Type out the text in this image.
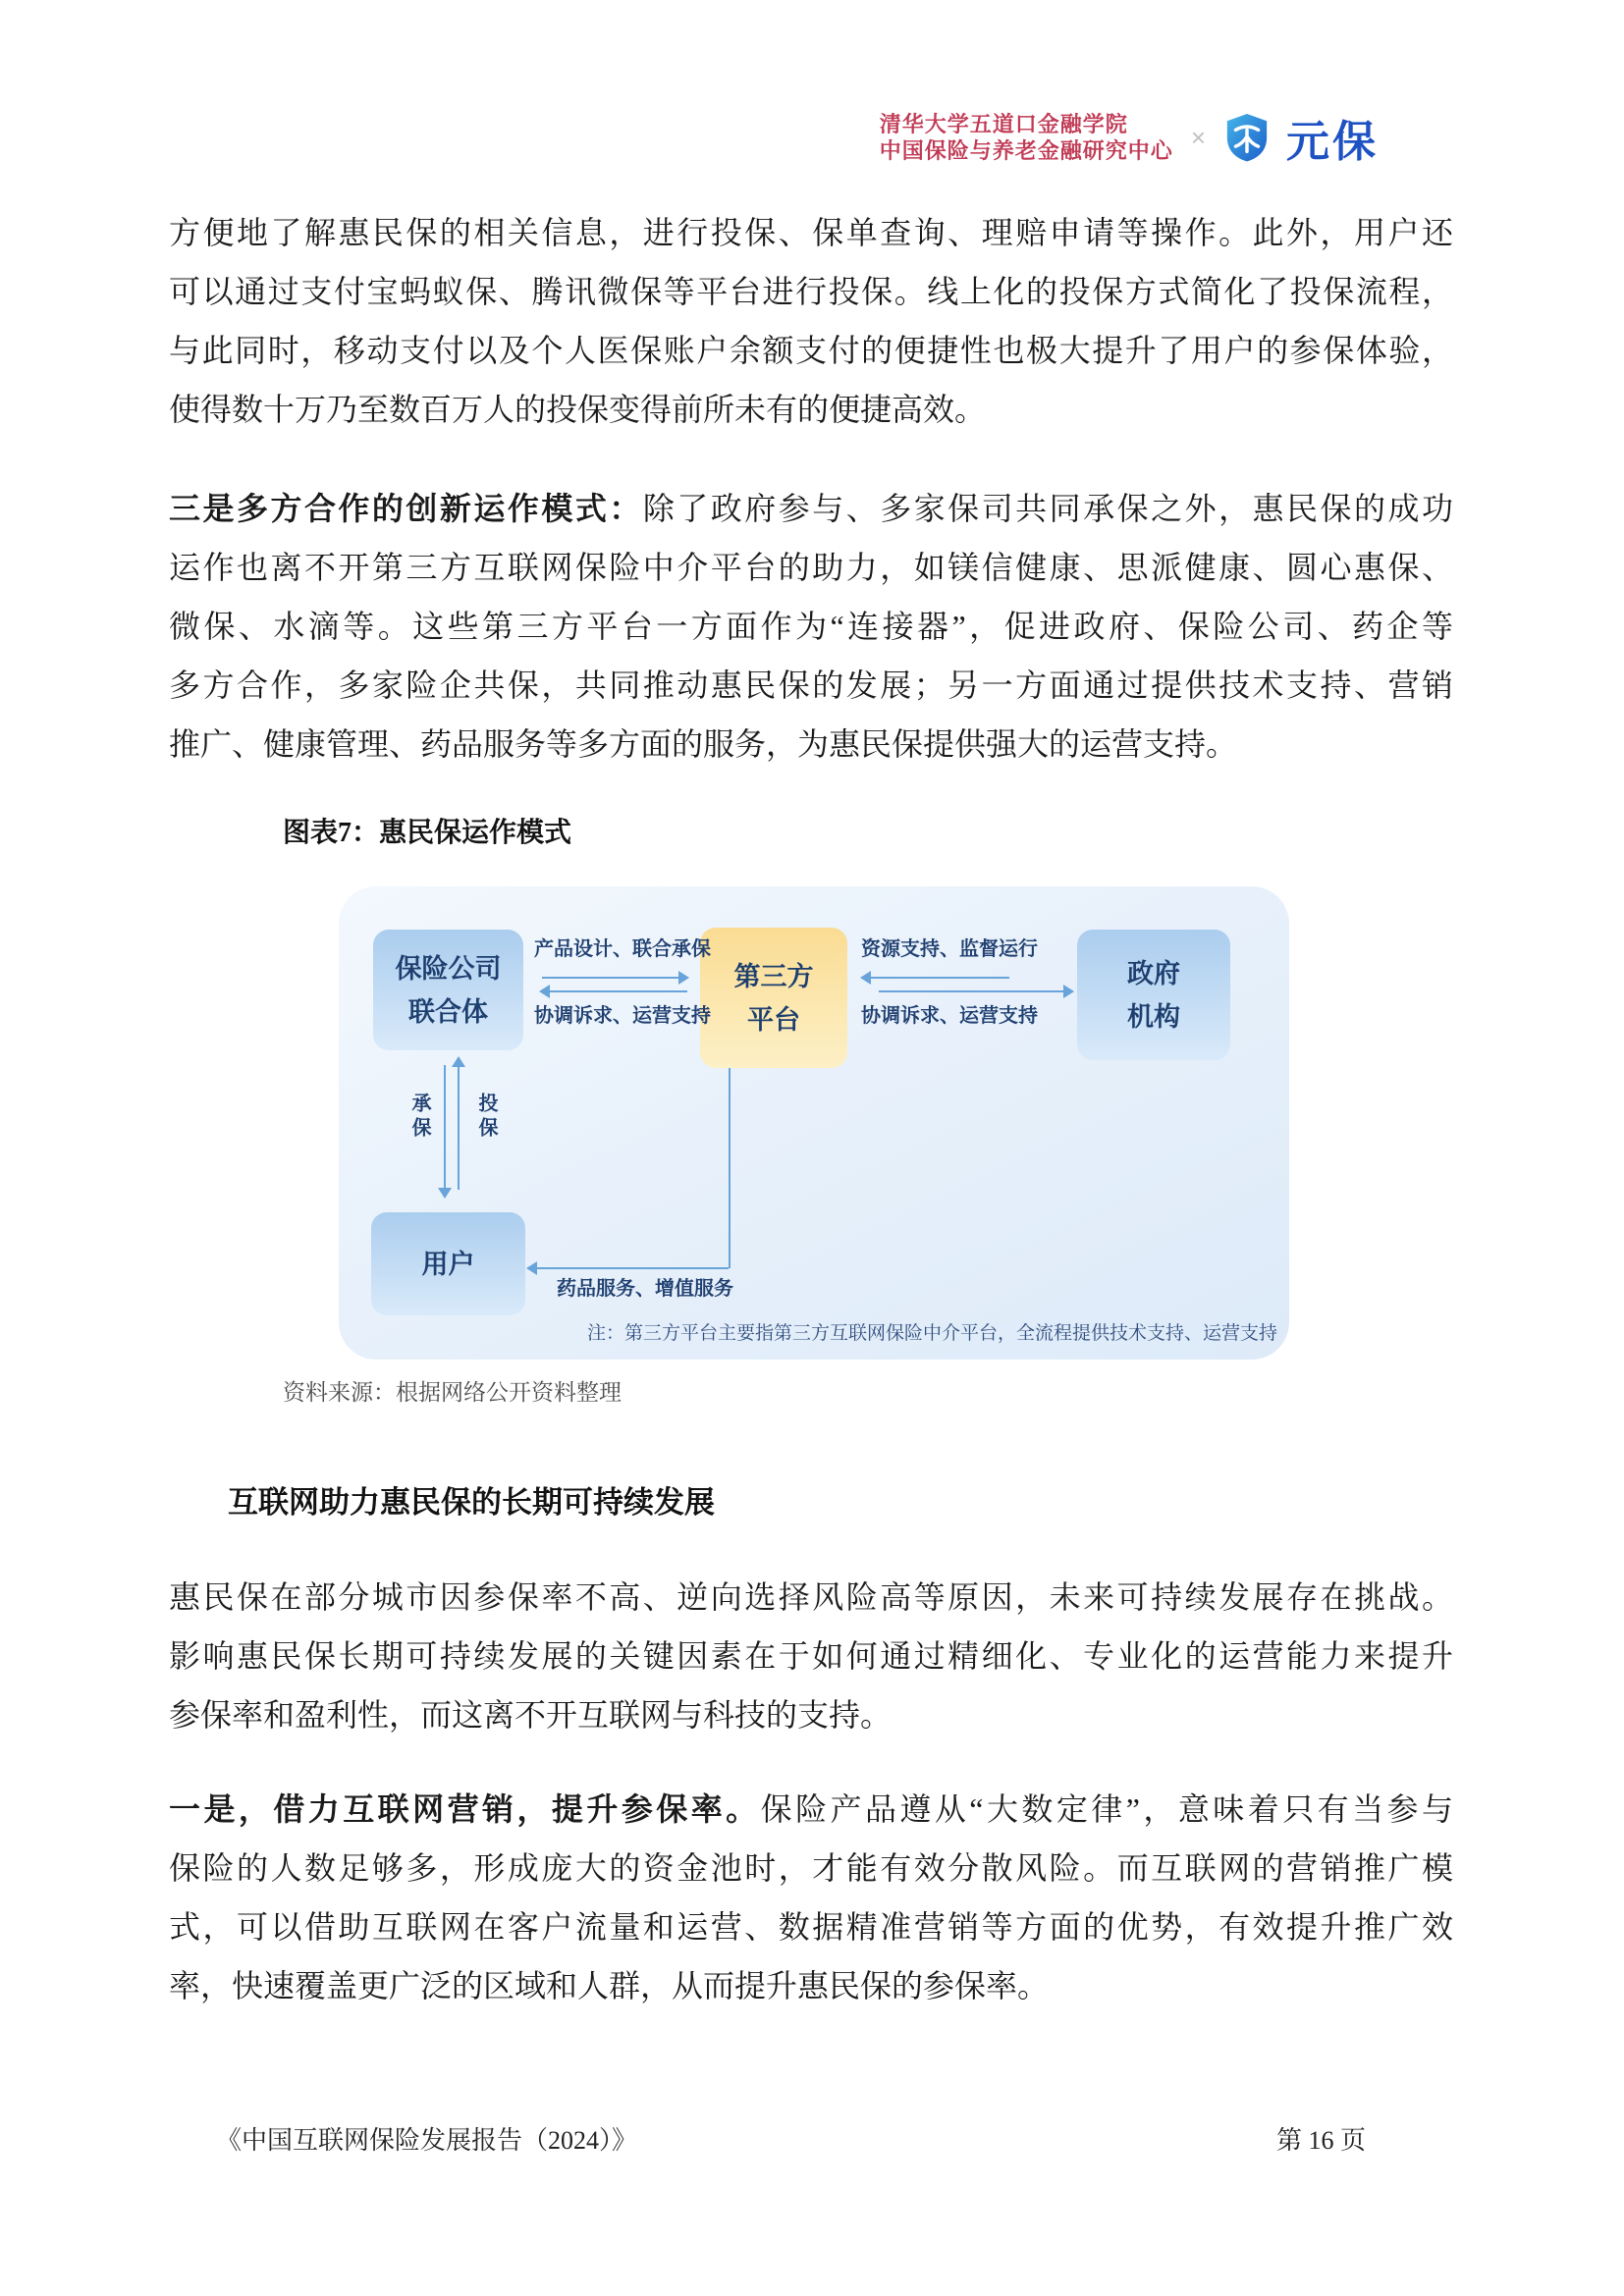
清华大学五道口金融学院
中国保险与养老金融研究中心 × 元保
方便地了解惠民保的相关信息，进行投保、保单查询、理赔申请等操作。此外，用户还
可以通过支付宝蚂蚁保、腾讯微保等平台进行投保。线上化的投保方式简化了投保流程，
与此同时，移动支付以及个人医保账户余额支付的便捷性也极大提升了用户的参保体验，
使得数十万乃至数百万人的投保变得前所未有的便捷高效。
三是多方合作的创新运作模式：除了政府参与、多家保司共同承保之外，惠民保的成功
运作也离不开第三方互联网保险中介平台的助力，如镁信健康、思派健康、圆心惠保、
微保、水滴等。这些第三方平台一方面作为“连接器”，促进政府、保险公司、药企等
多方合作，多家险企共保，共同推动惠民保的发展；另一方面通过提供技术支持、营销
推广、健康管理、药品服务等多方面的服务，为惠民保提供强大的运营支持。
图表7：惠民保运作模式
保险公司
联合体
第三方
平台
政府
机构
用户
产品设计、联合承保
协调诉求、运营支持
资源支持、监督运行
协调诉求、运营支持
承保 投保
药品服务、增值服务
注：第三方平台主要指第三方互联网保险中介平台，全流程提供技术支持、运营支持
资料来源：根据网络公开资料整理
互联网助力惠民保的长期可持续发展
惠民保在部分城市因参保率不高、逆向选择风险高等原因，未来可持续发展存在挑战。
影响惠民保长期可持续发展的关键因素在于如何通过精细化、专业化的运营能力来提升
参保率和盈利性，而这离不开互联网与科技的支持。
一是，借力互联网营销，提升参保率。保险产品遵从“大数定律”，意味着只有当参与
保险的人数足够多，形成庞大的资金池时，才能有效分散风险。而互联网的营销推广模
式，可以借助互联网在客户流量和运营、数据精准营销等方面的优势，有效提升推广效
率，快速覆盖更广泛的区域和人群，从而提升惠民保的参保率。
《中国互联网保险发展报告（2024）》	第 16 页
